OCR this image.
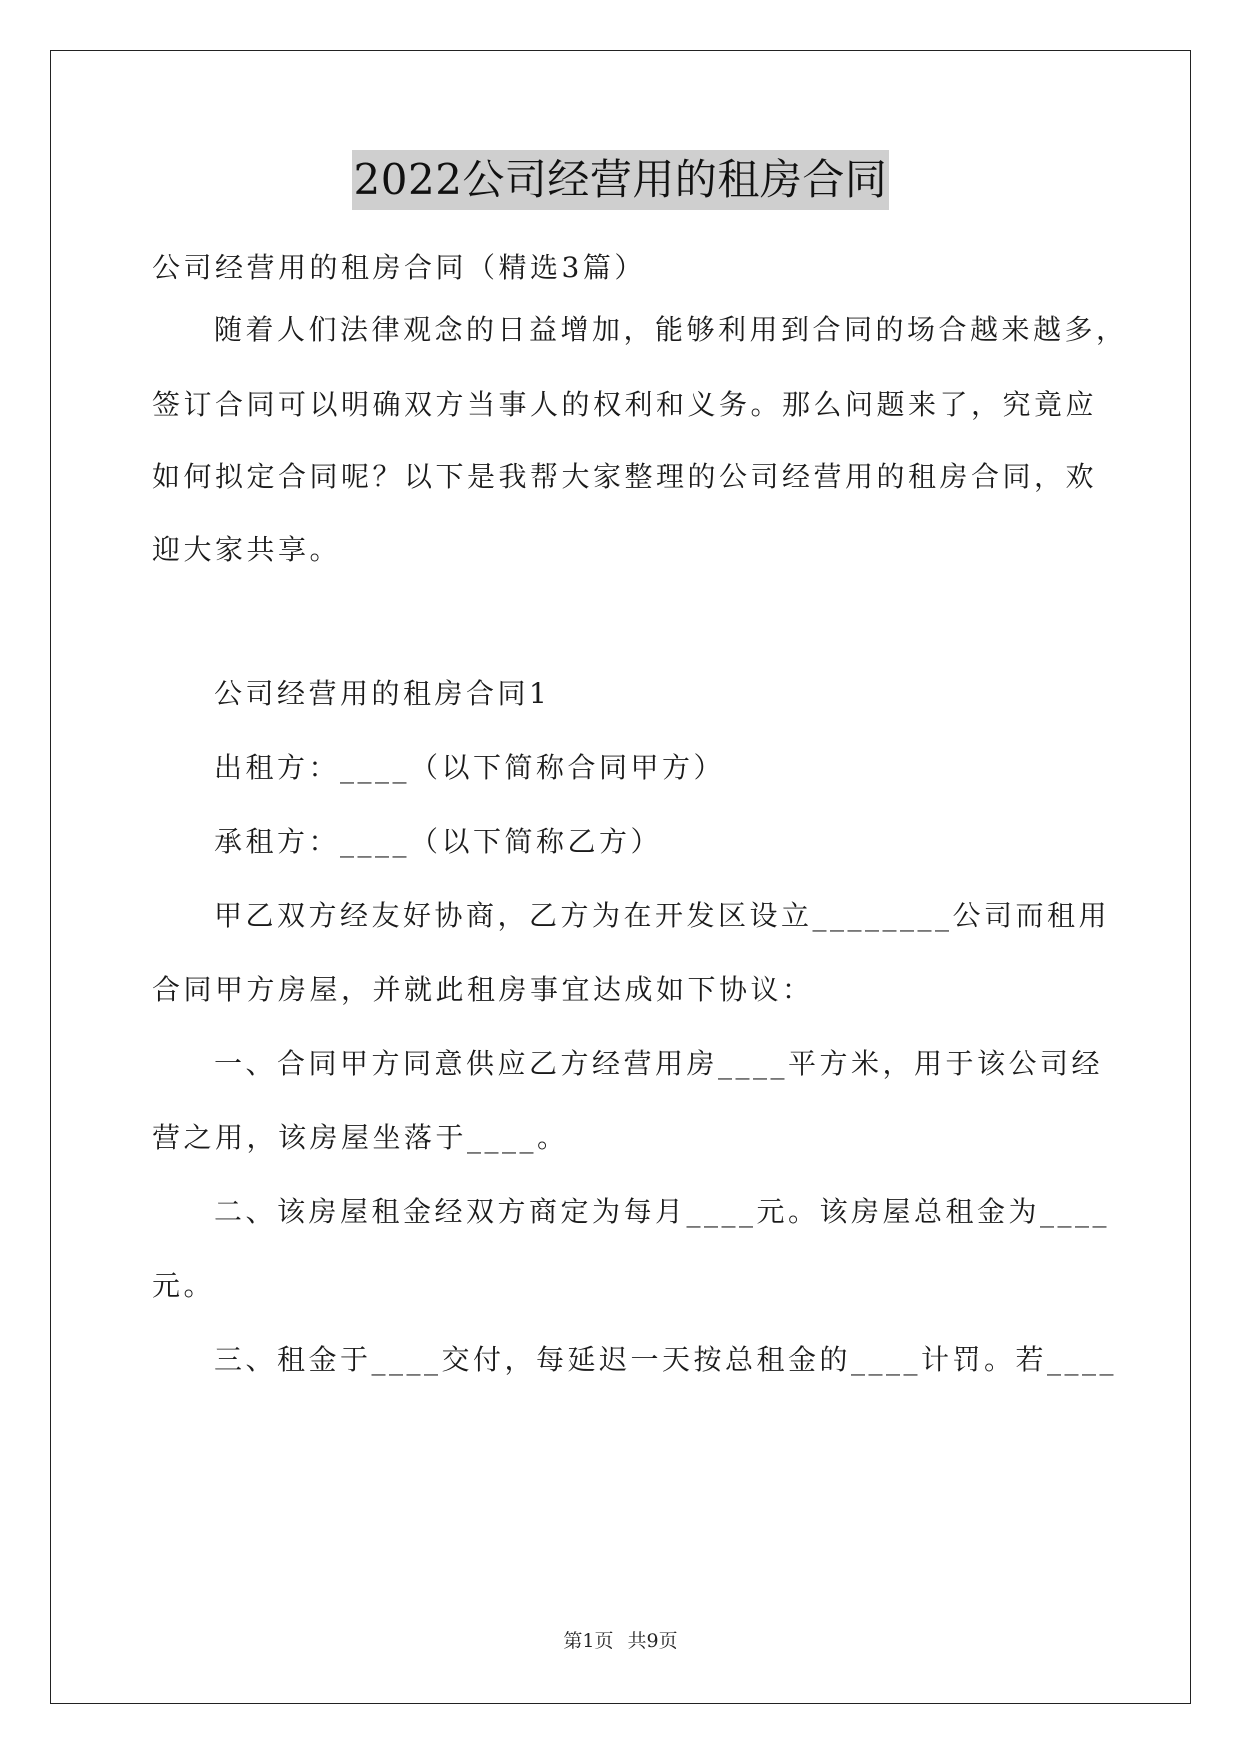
2022公司经营用的租房合同
公司经营用的租房合同（精选3篇）
随着人们法律观念的日益增加，能够利用到合同的场合越来越多，
签订合同可以明确双方当事人的权利和义务。那么问题来了，究竟应
如何拟定合同呢？以下是我帮大家整理的公司经营用的租房合同，欢
迎大家共享。
公司经营用的租房合同1
出租方：____（以下简称合同甲方）
承租方：____（以下简称乙方）
甲乙双方经友好协商，乙方为在开发区设立________公司而租用
合同甲方房屋，并就此租房事宜达成如下协议：
一、合同甲方同意供应乙方经营用房____平方米，用于该公司经
营之用，该房屋坐落于____。
二、该房屋租金经双方商定为每月____元。该房屋总租金为____
元。
三、租金于____交付，每延迟一天按总租金的____计罚。若____
第1页 共9页
